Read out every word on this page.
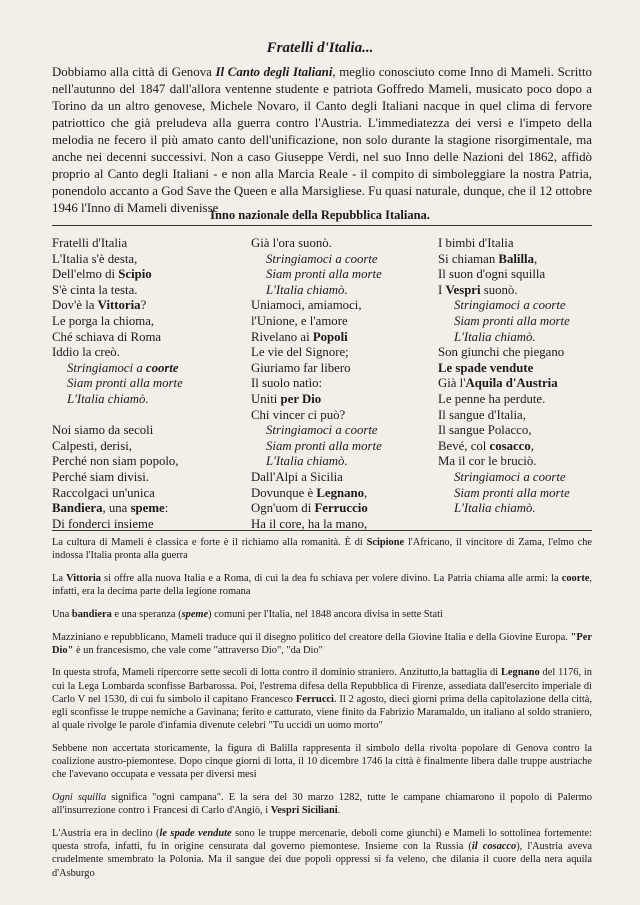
Fratelli d'Italia...
Dobbiamo alla città di Genova Il Canto degli Italiani, meglio conosciuto come Inno di Mameli. Scritto nell'autunno del 1847 dall'allora ventenne studente e patriota Goffredo Mameli, musicato poco dopo a Torino da un altro genovese, Michele Novaro, il Canto degli Italiani nacque in quel clima di fervore patriottico che già preludeva alla guerra contro l'Austria. L'immediatezza dei versi e l'impeto della melodia ne fecero il più amato canto dell'unificazione, non solo durante la stagione risorgimentale, ma anche nei decenni successivi. Non a caso Giuseppe Verdi, nel suo Inno delle Nazioni del 1862, affidò proprio al Canto degli Italiani - e non alla Marcia Reale - il compito di simboleggiare la nostra Patria, ponendolo accanto a God Save the Queen e alla Marsigliese. Fu quasi naturale, dunque, che il 12 ottobre 1946 l'Inno di Mameli divenisse
Inno nazionale della Repubblica Italiana.
Fratelli d'Italia
L'Italia s'è desta,
Dell'elmo di Scipio
S'è cinta la testa.
Dov'è la Vittoria?
Le porga la chioma,
Ché schiava di Roma
Iddio la creò.
Stringiamoci a coorte
Siam pronti alla morte
L'Italia chiamò.
Noi siamo da secoli
Calpesti, derisi,
Perché non siam popolo,
Perché siam divisi.
Raccolgaci un'unica
Bandiera, una speme:
Di fonderci insieme
Già l'ora suonò.
Stringiamoci a coorte
Siam pronti alla morte
L'Italia chiamò.
Uniamoci, amiamoci,
l'Unione, e l'amore
Rivelano ai Popoli
Le vie del Signore;
Giuriamo far libero
Il suolo natìo:
Uniti per Dio
Chi vincer ci può?
Stringiamoci a coorte
Siam pronti alla morte
L'Italia chiamò.
Dall'Alpi a Sicilia
Dovunque è Legnano,
Ogn'uom di Ferruccio
Ha il core, ha la mano,
I bimbi d'Italia
Si chiaman Balilla,
Il suon d'ogni squilla
I Vespri suonò.
Stringiamoci a coorte
Siam pronti alla morte
L'Italia chiamò.
Son giunchi che piegano
Le spade vendute
Già l'Aquila d'Austria
Le penne ha perdute.
Il sangue d'Italia,
Il sangue Polacco,
Bevé, col cosacco,
Ma il cor le bruciò.
Stringiamoci a coorte
Siam pronti alla morte
L'Italia chiamò.

La cultura di Mameli è classica e forte è il richiamo alla romanità. È di Scipione l'Africano, il vincitore di Zama, l'elmo che indossa l'Italia pronta alla guerra

La Vittoria si offre alla nuova Italia e a Roma, di cui la dea fu schiava per volere divino. La Patria chiama alle armi: la coorte, infatti, era la decima parte della legione romana

Una bandiera e una speranza (speme) comuni per l'Italia, nel 1848 ancora divisa in sette Stati

Mazziniano e repubblicano, Mameli traduce qui il disegno politico del creatore della Giovine Italia e della Giovine Europa. "Per Dio" è un francesismo, che vale come "attraverso Dio", "da Dio"

In questa strofa, Mameli ripercorre sette secoli di lotta contro il dominio straniero. Anzitutto,la battaglia di Legnano del 1176, in cui la Lega Lombarda sconfisse Barbarossa. Poi, l'estrema difesa della Repubblica di Firenze, assediata dall'esercito imperiale di Carlo V nel 1530, di cui fu simbolo il capitano Francesco Ferrucci. Il 2 agosto, dieci giorni prima della capitolazione della città, egli sconfisse le truppe nemiche a Gavinana; ferito e catturato, viene finito da Fabrizio Maramaldo, un italiano al soldo straniero, al quale rivolge le parole d'infamia divenute celebri "Tu uccidi un uomo morto"

Sebbene non accertata storicamente, la figura di Balilla rappresenta il simbolo della rivolta popolare di Genova contro la coalizione austro-piemontese. Dopo cinque giorni di lotta, il 10 dicembre 1746 la città è finalmente libera dalle truppe austriache che l'avevano occupata e vessata per diversi mesi

Ogni squilla significa "ogni campana". E la sera del 30 marzo 1282, tutte le campane chiamarono il popolo di Palermo all'insurrezione contro i Francesi di Carlo d'Angiò, i Vespri Siciliani.

L'Austria era in declino (le spade vendute sono le truppe mercenarie, deboli come giunchi) e Mameli lo sottolinea fortemente: questa strofa, infatti, fu in origine censurata dal governo piemontese. Insieme con la Russia (il cosacco), l'Austria aveva crudelmente smembrato la Polonia. Ma il sangue dei due popoli oppressi si fa veleno, che dilania il cuore della nera aquila d'Asburgo
